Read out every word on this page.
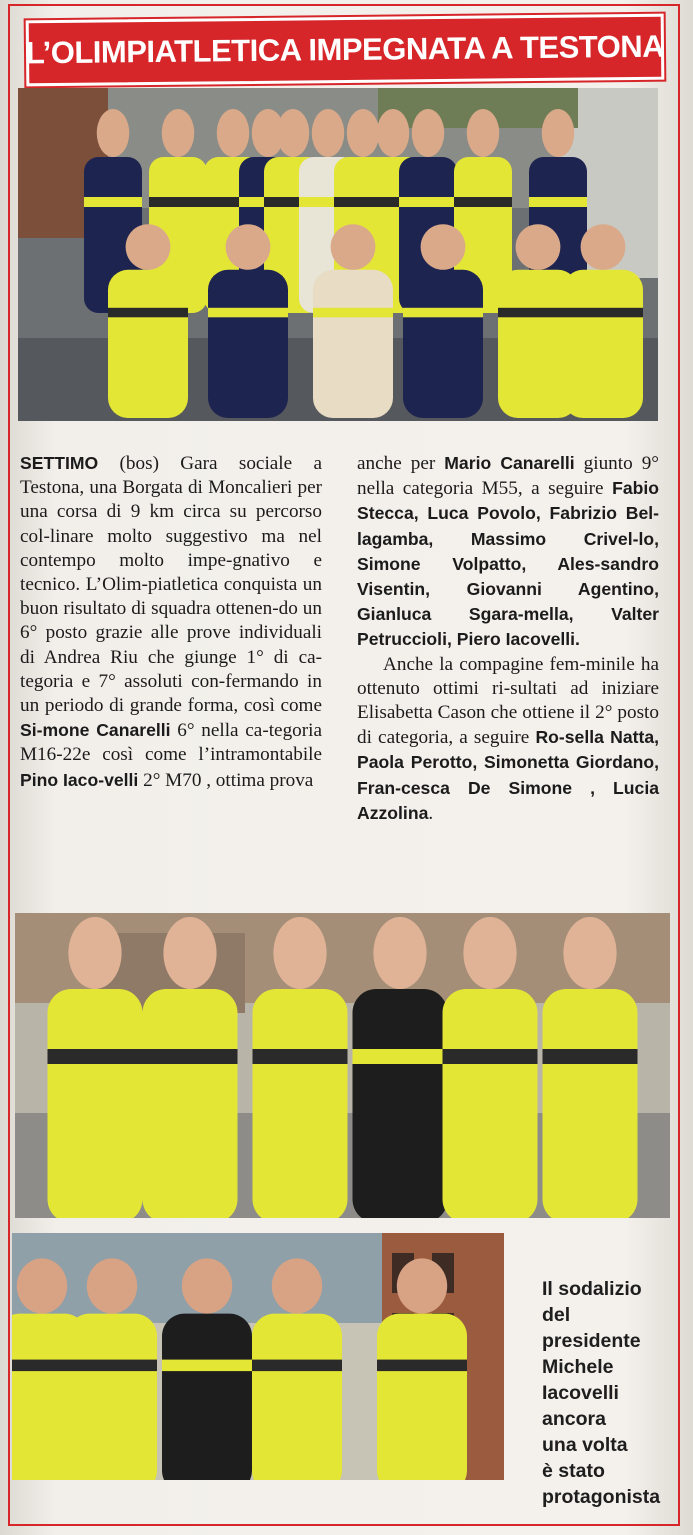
L’OLIMPIATLETICA IMPEGNATA A TESTONA

SETTIMO (bos) Gara sociale a Testona, una Borgata di Moncalieri per una corsa di 9 km circa su percorso col-linare molto suggestivo ma nel contempo molto impe-gnativo e tecnico. L’Olim-piatletica conquista un buon risultato di squadra ottenen-do un 6° posto grazie alle prove individuali di Andrea Riu che giunge 1° di ca-tegoria e 7° assoluti con-fermando in un periodo di grande forma, così come Si-mone Canarelli 6° nella ca-tegoria M16-22e così come l’intramontabile Pino Iaco-velli 2° M70 , ottima prova

anche per Mario Canarelli giunto 9° nella categoria M55, a seguire Fabio Stecca, Luca Povolo, Fabrizio Bel-lagamba, Massimo Crivel-lo, Simone Volpatto, Ales-sandro Visentin, Giovanni Agentino, Gianluca Sgara-mella, Valter Petruccioli, Piero Iacovelli.

Anche la compagine fem-minile ha ottenuto ottimi ri-sultati ad iniziare Elisabetta Cason che ottiene il 2° posto di categoria, a seguire Ro-sella Natta, Paola Perotto, Simonetta Giordano, Fran-cesca De Simone , Lucia Azzolina.

Il sodalizio
del
presidente
Michele
Iacovelli
ancora
una volta
è stato
protagonista
